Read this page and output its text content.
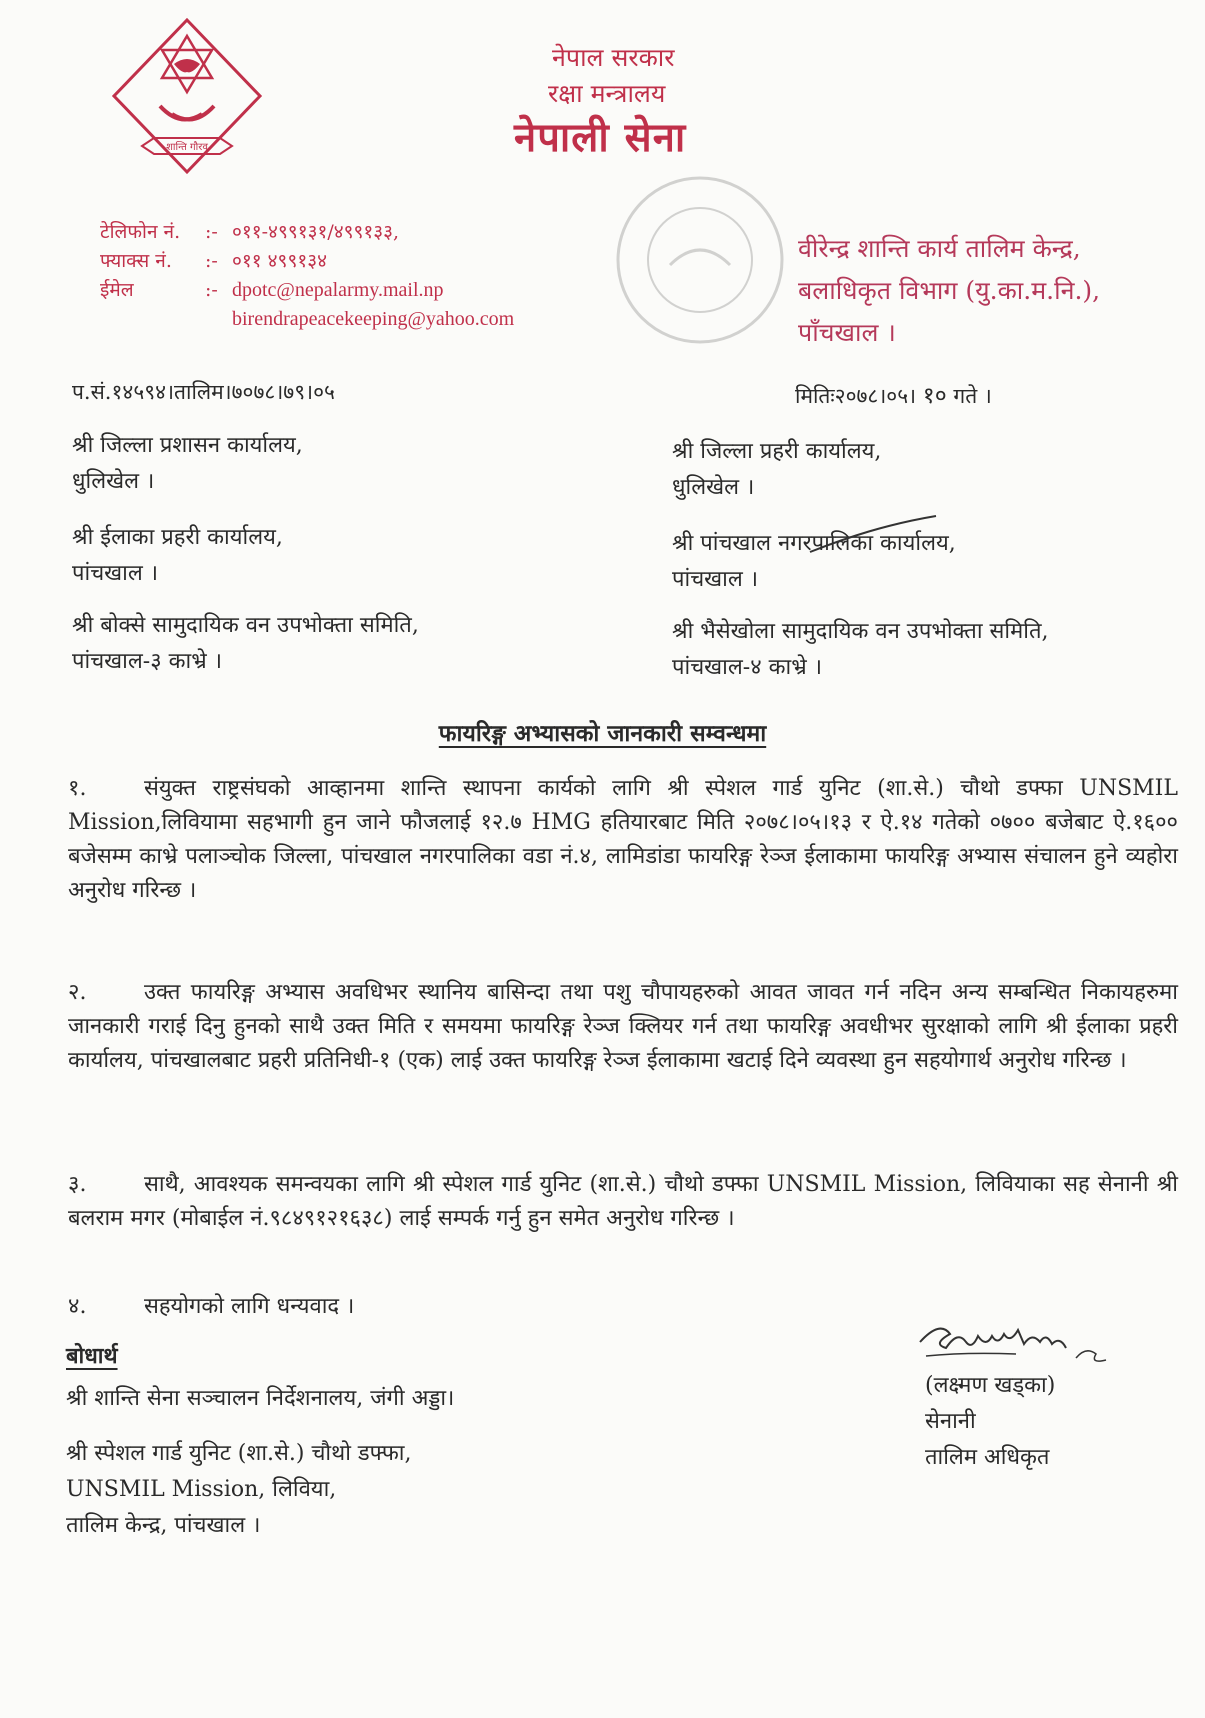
शान्ति गौरव
नेपाल सरकार
रक्षा मन्त्रालय
नेपाली सेना
टेलिफोन नं.	:- ०११-४९९१३१/४९९१३३,
फ्याक्स नं.	:- ०११ ४९९१३४
ईमेल	:- dpotc@nepalarmy.mail.np
birendrapeacekeeping@yahoo.com
वीरेन्द्र शान्ति कार्य तालिम केन्द्र,
बलाधिकृत विभाग (यु.का.म.नि.),
पाँचखाल ।
प.सं.१४५९४।तालिम।७०७८।७९।०५	मितिः२०७८।०५। १० गते ।
श्री जिल्ला प्रशासन कार्यालय,
धुलिखेल ।
श्री जिल्ला प्रहरी कार्यालय,
धुलिखेल ।
श्री ईलाका प्रहरी कार्यालय,
पांचखाल ।
श्री पांचखाल नगरपालिका कार्यालय,
पांचखाल ।
श्री बोक्से सामुदायिक वन उपभोक्ता समिति,
पांचखाल-३ काभ्रे ।
श्री भैसेखोला सामुदायिक वन उपभोक्ता समिति,
पांचखाल-४ काभ्रे ।
फायरिङ्ग अभ्यासको जानकारी सम्वन्धमा
१.	संयुक्त राष्ट्रसंघको आव्हानमा शान्ति स्थापना कार्यको लागि श्री स्पेशल गार्ड युनिट (शा.से.) चौथो डफ्फा UNSMIL Mission,लिवियामा सहभागी हुन जाने फौजलाई १२.७ HMG हतियारबाट मिति २०७८।०५।१३ र ऐ.१४ गतेको ०७०० बजेबाट ऐ.१६०० बजेसम्म काभ्रे पलाञ्चोक जिल्ला, पांचखाल नगरपालिका वडा नं.४, लामिडांडा फायरिङ्ग रेञ्ज ईलाकामा फायरिङ्ग अभ्यास संचालन हुने व्यहोरा अनुरोध गरिन्छ ।
२.	उक्त फायरिङ्ग अभ्यास अवधिभर स्थानिय बासिन्दा तथा पशु चौपायहरुको आवत जावत गर्न नदिन अन्य सम्बन्धित निकायहरुमा जानकारी गराई दिनु हुनको साथै उक्त मिति र समयमा फायरिङ्ग रेञ्ज क्लियर गर्न तथा फायरिङ्ग अवधीभर सुरक्षाको लागि श्री ईलाका प्रहरी कार्यालय, पांचखालबाट प्रहरी प्रतिनिधी-१ (एक) लाई उक्त फायरिङ्ग रेञ्ज ईलाकामा खटाई दिने व्यवस्था हुन सहयोगार्थ अनुरोध गरिन्छ ।
३.	साथै, आवश्यक समन्वयका लागि श्री स्पेशल गार्ड युनिट (शा.से.) चौथो डफ्फा UNSMIL Mission, लिवियाका सह सेनानी श्री बलराम मगर (मोबाईल नं.९८४९१२१६३८) लाई सम्पर्क गर्नु हुन समेत अनुरोध गरिन्छ ।
४.	सहयोगको लागि धन्यवाद ।
बोधार्थ
श्री शान्ति सेना सञ्चालन निर्देशनालय, जंगी अड्डा।
श्री स्पेशल गार्ड युनिट (शा.से.) चौथो डफ्फा,
UNSMIL Mission, लिविया,
तालिम केन्द्र, पांचखाल ।
(लक्ष्मण खड्का)
सेनानी
तालिम अधिकृत
